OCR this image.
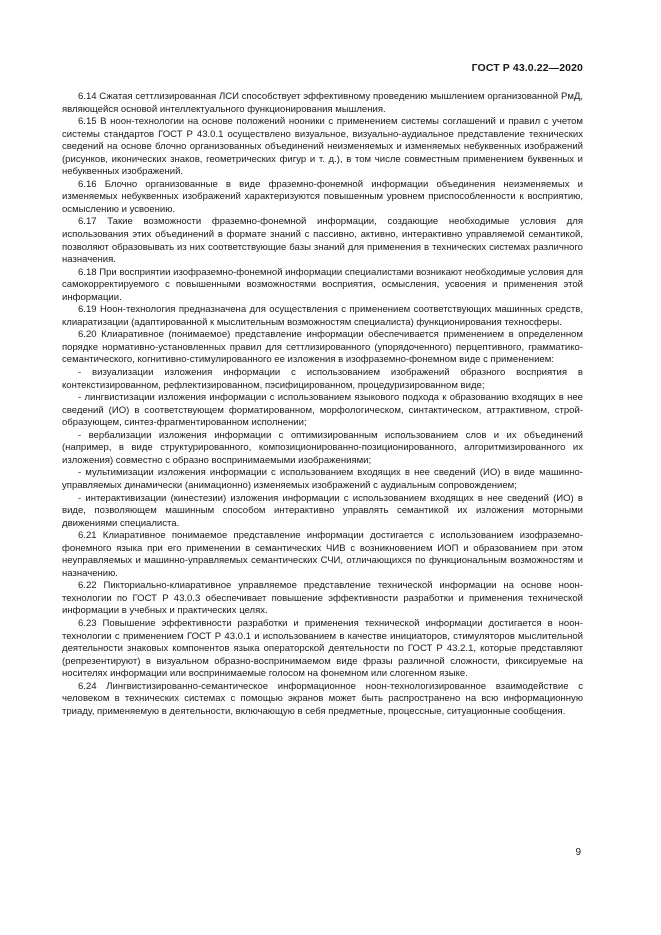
ГОСТ Р 43.0.22—2020

6.14 Сжатая сеттлизированная ЛСИ способствует эффективному проведению мышлением организованной РмД, являющейся основой интеллектуального функционирования мышления.

6.15 В ноон-технологии на основе положений нооники с применением системы соглашений и правил с учетом системы стандартов ГОСТ Р 43.0.1 осуществлено визуальное, визуально-аудиальное представление технических сведений на основе блочно организованных объединений неизменяемых и изменяемых небуквенных изображений (рисунков, иконических знаков, геометрических фигур и т. д.), в том числе совместным применением буквенных и небуквенных изображений.

6.16 Блочно организованные в виде фраземно-фонемной информации объединения неизменяемых и изменяемых небуквенных изображений характеризуются повышенным уровнем приспособленности к восприятию, осмыслению и усвоению.

6.17 Такие возможности фраземно-фонемной информации, создающие необходимые условия для использования этих объединений в формате знаний с пассивно, активно, интерактивно управляемой семантикой, позволяют образовывать из них соответствующие базы знаний для применения в технических системах различного назначения.

6.18 При восприятии изофраземно-фонемной информации специалистами возникают необходимые условия для самокорректируемого с повышенными возможностями восприятия, осмысления, усвоения и применения этой информации.

6.19 Ноон-технология предназначена для осуществления с применением соответствующих машинных средств, клиаратизации (адаптированной к мыслительным возможностям специалиста) функционирования техносферы.

6.20 Клиаративное (понимаемое) представление информации обеспечивается применением в определенном порядке нормативно-установленных правил для сеттлизированного (упорядоченного) перцептивного, грамматико-семантического, когнитивно-стимулированного ее изложения в изофраземно-фонемном виде с применением:

- визуализации изложения информации с использованием изображений образного восприятия в контекстизированном, рефлектизированном, пэсифицированном, процедуризированном виде;

- лингвистизации изложения информации с использованием языкового подхода к образованию входящих в нее сведений (ИО) в соответствующем форматированном, морфологическом, синтактическом, аттрактивном, строй-образующем, синтез-фрагментированном исполнении;

- вербализации изложения информации с оптимизированным использованием слов и их объединений (например, в виде структурированного, композиционированно-позиционированного, алгоритмизированного их изложения) совместно с образно воспринимаемыми изображениями;

- мультимизации изложения информации с использованием входящих в нее сведений (ИО) в виде машинно-управляемых динамически (анимационно) изменяемых изображений с аудиальным сопровождением;

- интерактивизации (кинестезии) изложения информации с использованием входящих в нее сведений (ИО) в виде, позволяющем машинным способом интерактивно управлять семантикой их изложения моторными движениями специалиста.

6.21 Клиаративное понимаемое представление информации достигается с использованием изофраземно-фонемного языка при его применении в семантических ЧИВ с возникновением ИОП и образованием при этом неуправляемых и машинно-управляемых семантических СЧИ, отличающихся по функциональным возможностям и назначению.

6.22 Пикториально-клиаративное управляемое представление технической информации на основе ноон-технологии по ГОСТ Р 43.0.3 обеспечивает повышение эффективности разработки и применения технической информации в учебных и практических целях.

6.23 Повышение эффективности разработки и применения технической информации достигается в ноон-технологии с применением ГОСТ Р 43.0.1 и использованием в качестве инициаторов, стимуляторов мыслительной деятельности знаковых компонентов языка операторской деятельности по ГОСТ Р 43.2.1, которые представляют (репрезентируют) в визуальном образно-воспринимаемом виде фразы различной сложности, фиксируемые на носителях информации или воспринимаемые голосом на фонемном или слогенном языке.

6.24 Лингвистизированно-семантическое информационное ноон-технологизированное взаимодействие с человеком в технических системах с помощью экранов может быть распространено на всю информационную триаду, применяемую в деятельности, включающую в себя предметные, процессные, ситуационные сообщения.

9
